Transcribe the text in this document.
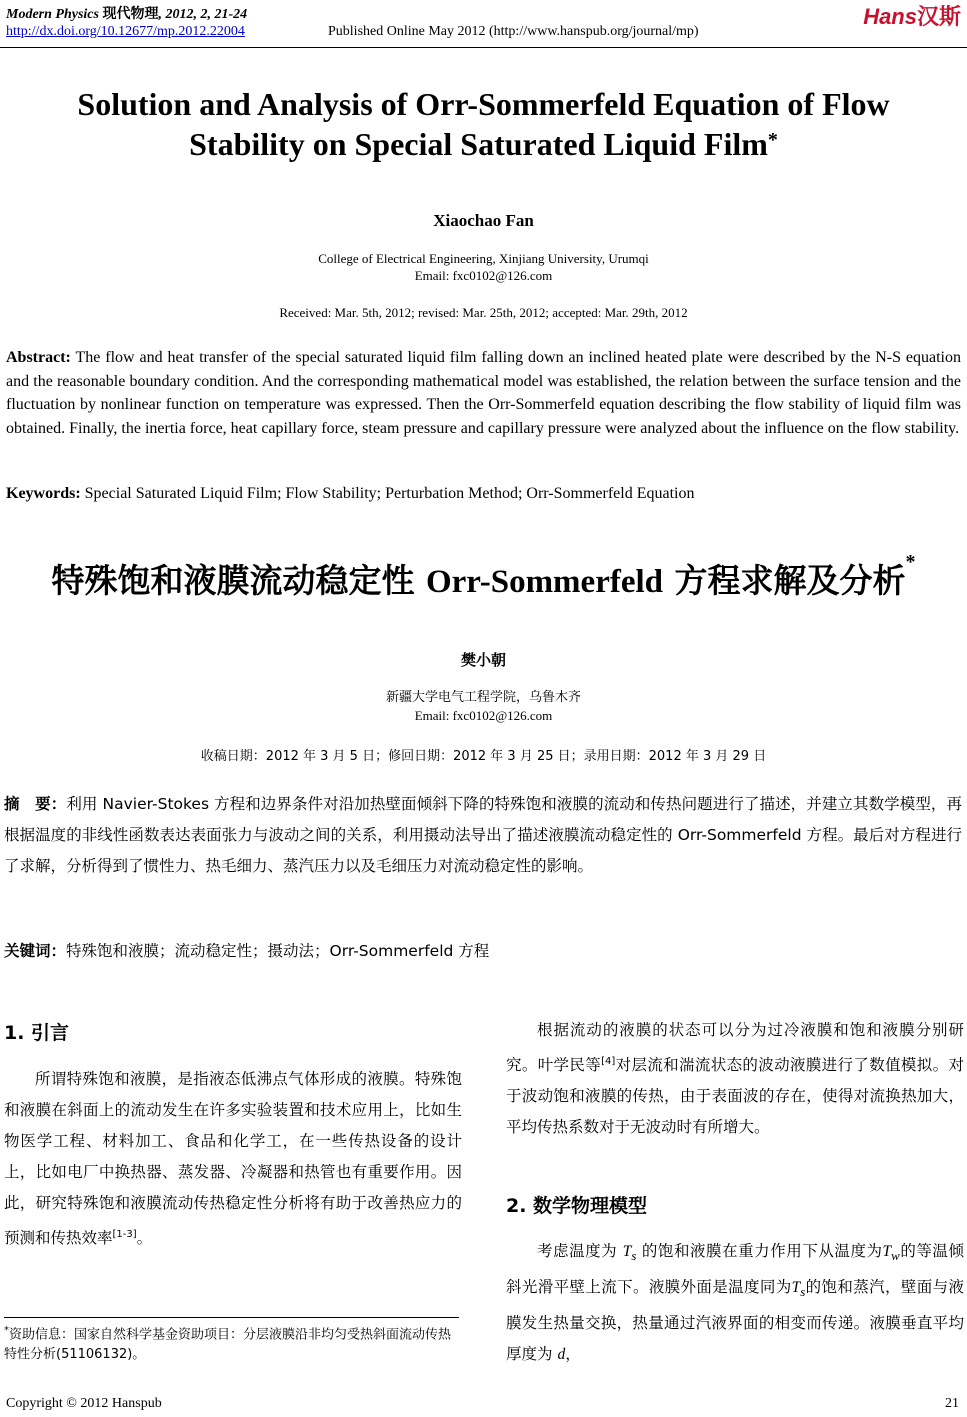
Modern Physics 现代物理, 2012, 2, 21-24
http://dx.doi.org/10.12677/mp.2012.22004	Published Online May 2012 (http://www.hanspub.org/journal/mp)
Hans汉斯
Solution and Analysis of Orr-Sommerfeld Equation of Flow
Stability on Special Saturated Liquid Film*
Xiaochao Fan
College of Electrical Engineering, Xinjiang University, Urumqi
Email: fxc0102@126.com
Received: Mar. 5th, 2012; revised: Mar. 25th, 2012; accepted: Mar. 29th, 2012
Abstract: The flow and heat transfer of the special saturated liquid film falling down an inclined heated plate were described by the N-S equation and the reasonable boundary condition. And the corresponding mathematical model was established, the relation between the surface tension and the fluctuation by nonlinear function on temperature was expressed. Then the Orr-Sommerfeld equation describing the flow stability of liquid film was obtained. Finally, the inertia force, heat capillary force, steam pressure and capillary pressure were analyzed about the influence on the flow stability.
Keywords: Special Saturated Liquid Film; Flow Stability; Perturbation Method; Orr-Sommerfeld Equation
特殊饱和液膜流动稳定性 Orr-Sommerfeld 方程求解及分析*
樊小朝
新疆大学电气工程学院，乌鲁木齐
Email: fxc0102@126.com
收稿日期：2012 年 3 月 5 日；修回日期：2012 年 3 月 25 日；录用日期：2012 年 3 月 29 日
摘　要：利用 Navier-Stokes 方程和边界条件对沿加热壁面倾斜下降的特殊饱和液膜的流动和传热问题进行了描述，并建立其数学模型，再根据温度的非线性函数表达表面张力与波动之间的关系，利用摄动法导出了描述液膜流动稳定性的 Orr-Sommerfeld 方程。最后对方程进行了求解，分析得到了惯性力、热毛细力、蒸汽压力以及毛细压力对流动稳定性的影响。
关键词：特殊饱和液膜；流动稳定性；摄动法；Orr-Sommerfeld 方程
1. 引言

所谓特殊饱和液膜，是指液态低沸点气体形成的液膜。特殊饱和液膜在斜面上的流动发生在许多实验装置和技术应用上，比如生物医学工程、材料加工、食品和化学工，在一些传热设备的设计上，比如电厂中换热器、蒸发器、冷凝器和热管也有重要作用。因此，研究特殊饱和液膜流动传热稳定性分析将有助于改善热应力的预测和传热效率[1-3]。

根据流动的液膜的状态可以分为过冷液膜和饱和液膜分别研究。叶学民等[4]对层流和湍流状态的波动液膜进行了数值模拟。对于波动饱和液膜的传热，由于表面波的存在，使得对流换热加大，平均传热系数对于无波动时有所增大。

2. 数学物理模型

考虑温度为 $T_s$ 的饱和液膜在重力作用下从温度为$T_w$的等温倾斜光滑平壁上流下。液膜外面是温度同为$T_s$的饱和蒸汽，壁面与液膜发生热量交换，热量通过汽液界面的相变而传递。液膜垂直平均厚度为 d，

*资助信息：国家自然科学基金资助项目：分层液膜沿非均匀受热斜面流动传热特性分析(51106132)。
Copyright © 2012 Hanspub	21
